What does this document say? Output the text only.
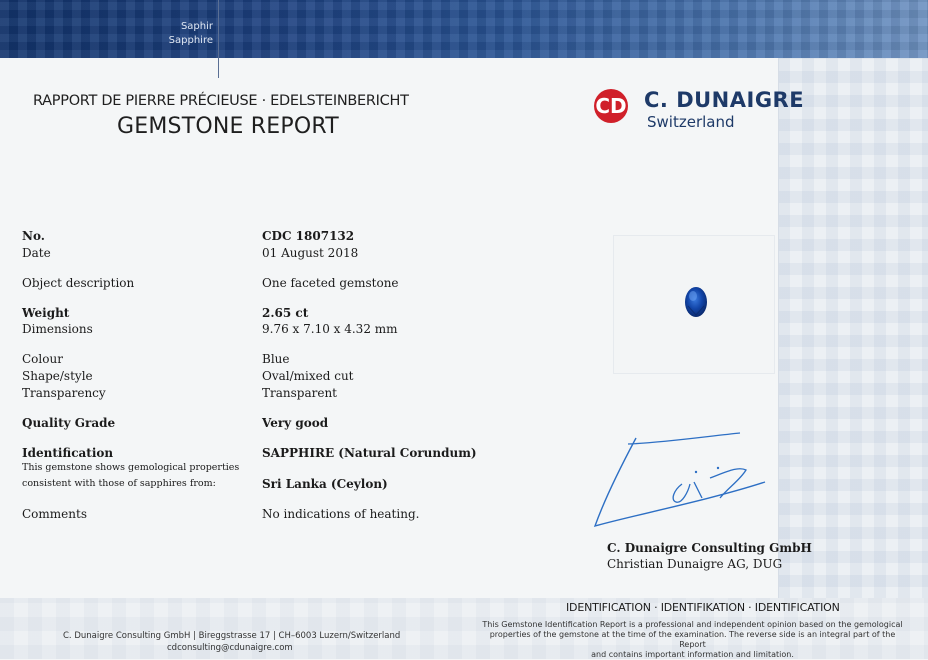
Saphir
Sapphire
RAPPORT DE PIERRE PRÉCIEUSE · EDELSTEINBERICHT
GEMSTONE REPORT
CD C. DUNAIGRE
Switzerland
No.	CDC 1807132
Date	01 August 2018
Object description	One faceted gemstone
Weight	2.65 ct
Dimensions	9.76 x 7.10 x 4.32 mm
Colour	Blue
Shape/style	Oval/mixed cut
Transparency	Transparent
Quality Grade	Very good
Identification	SAPPHIRE (Natural Corundum)
This gemstone shows gemological properties
consistent with those of sapphires from:	Sri Lanka (Ceylon)
Comments	No indications of heating.
C. Dunaigre Consulting GmbH
Christian Dunaigre AG, DUG
IDENTIFICATION · IDENTIFIKATION · IDENTIFICATION
This Gemstone Identification Report is a professional and independent opinion based on the gemological
properties of the gemstone at the time of the examination. The reverse side is an integral part of the Report
and contains important information and limitation.
C. Dunaigre Consulting GmbH | Bireggstrasse 17 | CH–6003 Luzern/Switzerland
cdconsulting@cdunaigre.com
